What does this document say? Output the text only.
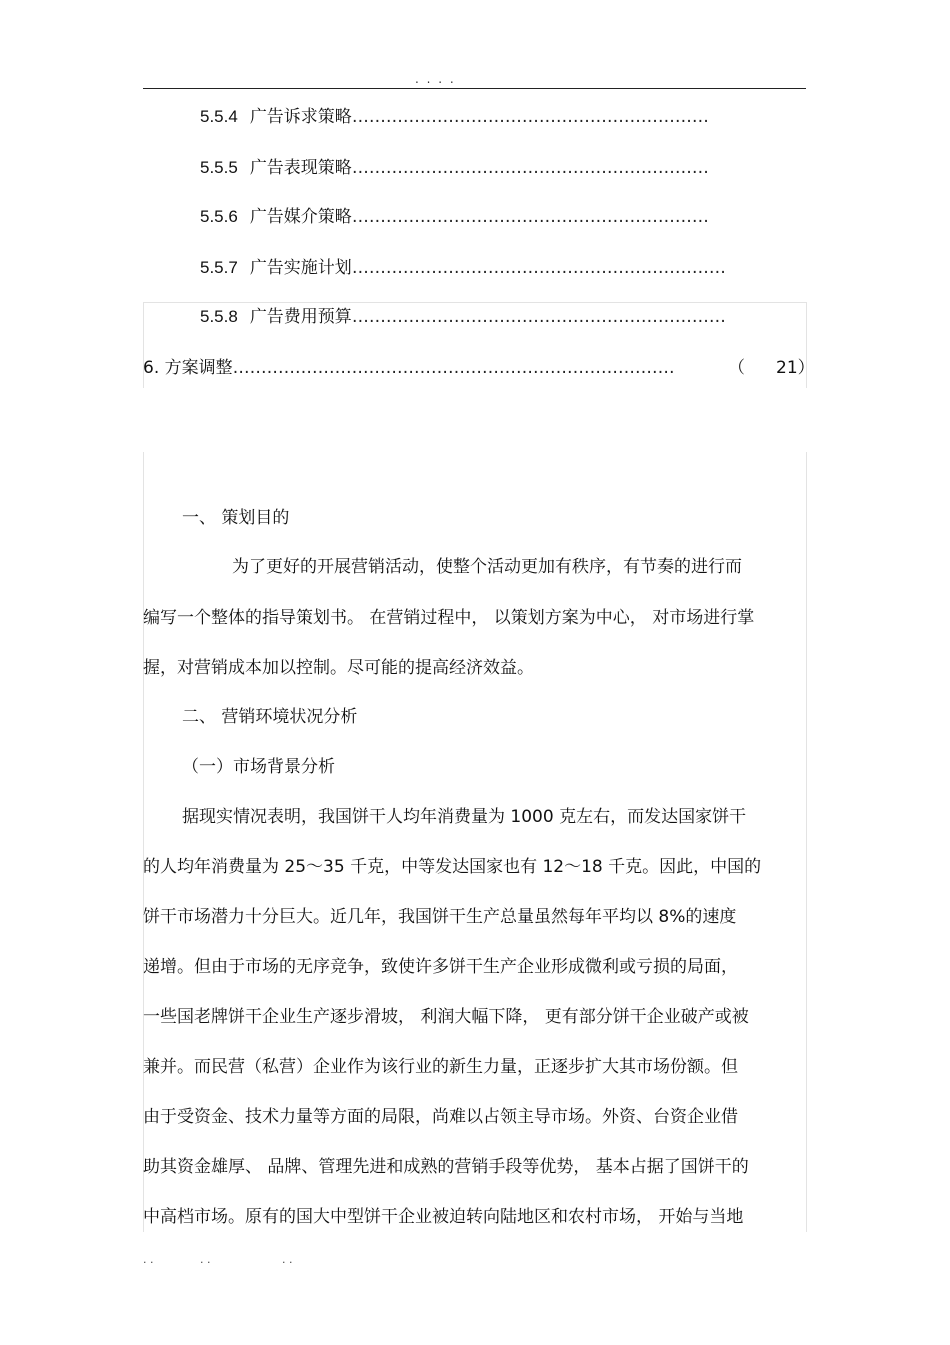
. . . .
5.5.4 广告诉求策略………………………………………………………
5.5.5 广告表现策略………………………………………………………
5.5.6 广告媒介策略………………………………………………………
5.5.7 广告实施计划…………………………………………………………
5.5.8 广告费用预算…………………………………………………………
6. 方案调整……………………………………………………………………	（ 21）
一、 策划目的
为了更好的开展营销活动，使整个活动更加有秩序，有节奏的进行而
编写一个整体的指导策划书。 在营销过程中， 以策划方案为中心， 对市场进行掌
握，对营销成本加以控制。尽可能的提高经济效益。
二、 营销环境状况分析
（一）市场背景分析
据现实情况表明，我国饼干人均年消费量为 1000 克左右，而发达国家饼干
的人均年消费量为 25～35 千克，中等发达国家也有 12～18 千克。因此，中国的
饼干市场潜力十分巨大。近几年，我国饼干生产总量虽然每年平均以 8%的速度
递增。但由于市场的无序竞争，致使许多饼干生产企业形成微利或亏损的局面，
一些国老牌饼干企业生产逐步滑坡， 利润大幅下降， 更有部分饼干企业破产或被
兼并。而民营（私营）企业作为该行业的新生力量，正逐步扩大其市场份额。但
由于受资金、技术力量等方面的局限，尚难以占领主导市场。外资、台资企业借
助其资金雄厚、 品牌、管理先进和成熟的营销手段等优势， 基本占据了国饼干的
中高档市场。原有的国大中型饼干企业被迫转向陆地区和农村市场， 开始与当地
. .	. .	. .
